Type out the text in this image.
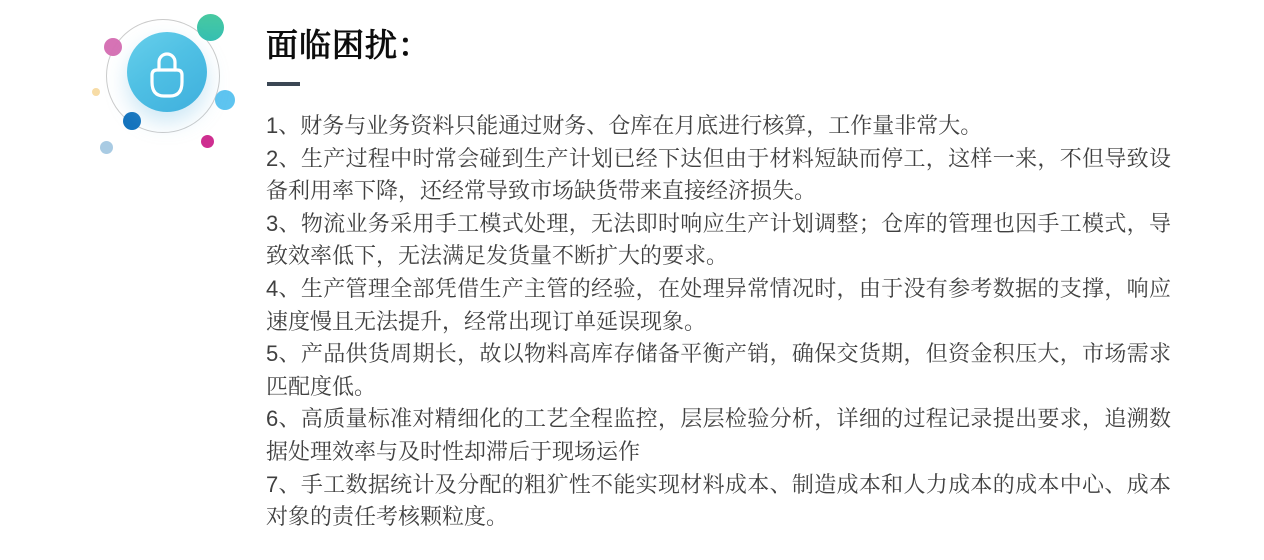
面临困扰：

1、财务与业务资料只能通过财务、仓库在月底进行核算，工作量非常大。

2、生产过程中时常会碰到生产计划已经下达但由于材料短缺而停工，这样一来，不但导致设备利用率下降，还经常导致市场缺货带来直接经济损失。

3、物流业务采用手工模式处理，无法即时响应生产计划调整；仓库的管理也因手工模式，导致效率低下，无法满足发货量不断扩大的要求。

4、生产管理全部凭借生产主管的经验，在处理异常情况时，由于没有参考数据的支撑，响应速度慢且无法提升，经常出现订单延误现象。

5、产品供货周期长，故以物料高库存储备平衡产销，确保交货期，但资金积压大，市场需求匹配度低。

6、高质量标准对精细化的工艺全程监控，层层检验分析，详细的过程记录提出要求，追溯数据处理效率与及时性却滞后于现场运作

7、手工数据统计及分配的粗犷性不能实现材料成本、制造成本和人力成本的成本中心、成本对象的责任考核颗粒度。
